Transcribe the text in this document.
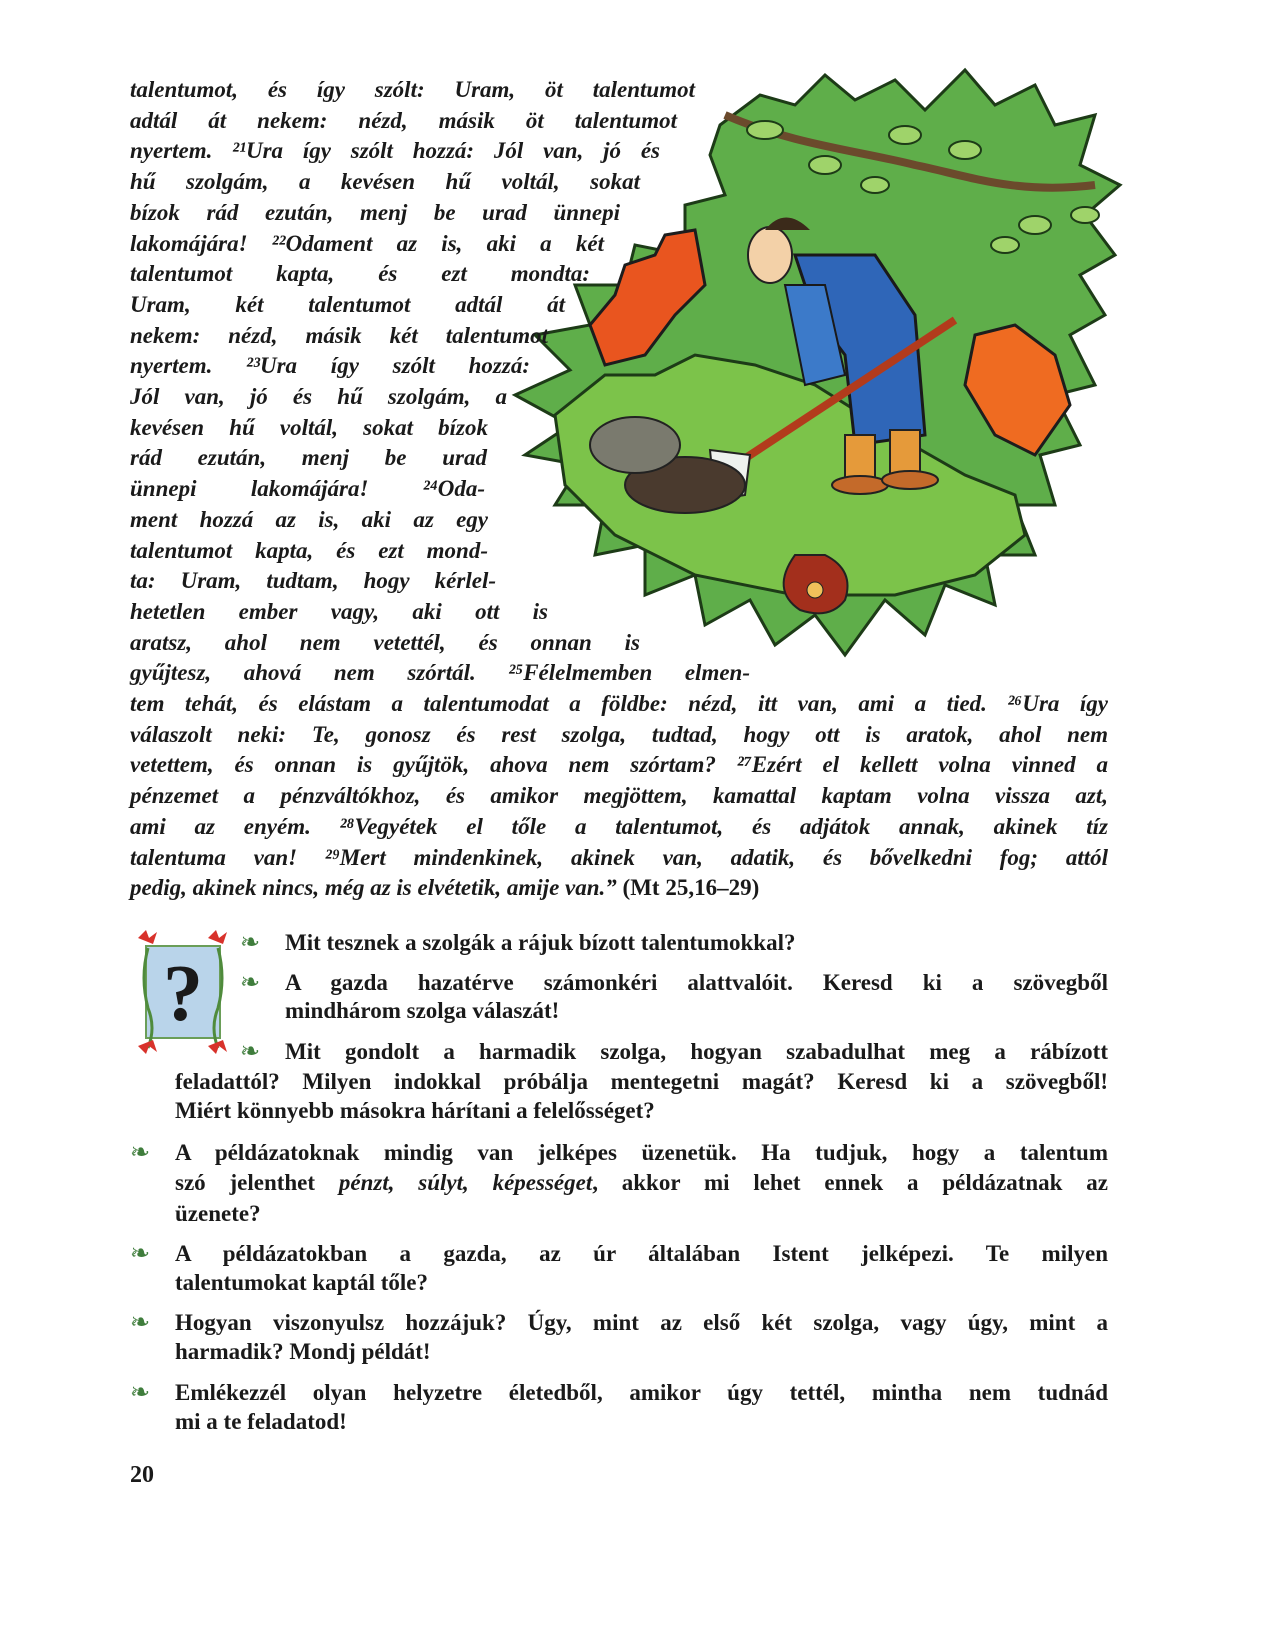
talentumot, és így szólt: Uram, öt talentumot
adtál át nekem: nézd, másik öt talentumot
nyertem. ²¹Ura így szólt hozzá: Jól van, jó és
hű szolgám, a kevésen hű voltál, sokat
bízok rád ezután, menj be urad ünnepi
lakomájára! ²²Odament az is, aki a két
talentumot kapta, és ezt mondta:
Uram, két talentumot adtál át
nekem: nézd, másik két talentumot
nyertem. ²³Ura így szólt hozzá:
Jól van, jó és hű szolgám, a
kevésen hű voltál, sokat bízok
rád ezután, menj be urad
ünnepi lakomájára! ²⁴Oda-
ment hozzá az is, aki az egy
talentumot kapta, és ezt mond-
ta: Uram, tudtam, hogy kérlel-
hetetlen ember vagy, aki ott is
aratsz, ahol nem vetettél, és onnan is
gyűjtesz, ahová nem szórtál. ²⁵Félelmemben elmen-
tem tehát, és elástam a talentumodat a földbe: nézd, itt van, ami a tied. ²⁶Ura így
válaszolt neki: Te, gonosz és rest szolga, tudtad, hogy ott is aratok, ahol nem
vetettem, és onnan is gyűjtök, ahova nem szórtam? ²⁷Ezért el kellett volna vinned a
pénzemet a pénzváltókhoz, és amikor megjöttem, kamattal kaptam volna vissza azt,
ami az enyém. ²⁸Vegyétek el tőle a talentumot, és adjátok annak, akinek tíz
talentuma van! ²⁹Mert mindenkinek, akinek van, adatik, és bővelkedni fog; attól
pedig, akinek nincs, még az is elvétetik, amije van.” (Mt 25,16–29)
?
❧ Mit tesznek a szolgák a rájuk bízott talentumokkal?
❧ A gazda hazatérve számonkéri alattvalóit. Keresd ki a szövegből
mindhárom szolga válaszát!
❧ Mit gondolt a harmadik szolga, hogyan szabadulhat meg a rábízott
feladattól? Milyen indokkal próbálja mentegetni magát? Keresd ki a szövegből!
Miért könnyebb másokra hárítani a felelősséget?
❧ A példázatoknak mindig van jelképes üzenetük. Ha tudjuk, hogy a talentum
szó jelenthet pénzt, súlyt, képességet, akkor mi lehet ennek a példázatnak az
üzenete?
❧ A példázatokban a gazda, az úr általában Istent jelképezi. Te milyen
talentumokat kaptál tőle?
❧ Hogyan viszonyulsz hozzájuk? Úgy, mint az első két szolga, vagy úgy, mint a
harmadik? Mondj példát!
❧ Emlékezzél olyan helyzetre életedből, amikor úgy tettél, mintha nem tudnád
mi a te feladatod!
20
